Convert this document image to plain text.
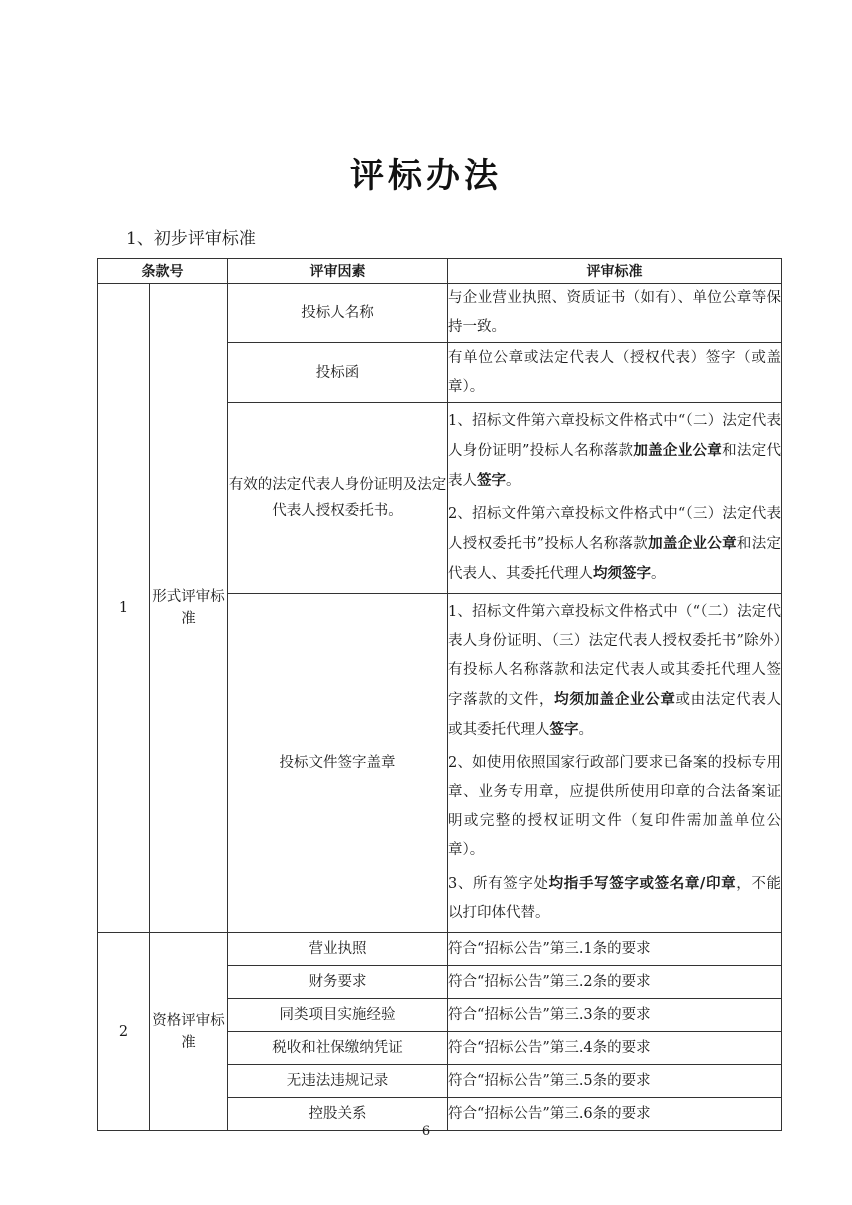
评标办法
1、初步评审标准
条款号		评审因素	评审标准
1	形式评审标准	投标人名称	与企业营业执照、资质证书（如有）、单位公章等保持一致。
		投标函	有单位公章或法定代表人（授权代表）签字（或盖章）。
		有效的法定代表人身份证明及法定代表人授权委托书。	1、招标文件第六章投标文件格式中“（二）法定代表人身份证明”投标人名称落款加盖企业公章和法定代表人签字。

2、招标文件第六章投标文件格式中“（三）法定代表人授权委托书”投标人名称落款加盖企业公章和法定代表人、其委托代理人均须签字。

		投标文件签字盖章	1、招标文件第六章投标文件格式中（“（二）法定代表人身份证明、（三）法定代表人授权委托书”除外）有投标人名称落款和法定代表人或其委托代理人签字落款的文件，均须加盖企业公章或由法定代表人或其委托代理人签字。

2、如使用依照国家行政部门要求已备案的投标专用章、业务专用章，应提供所使用印章的合法备案证明或完整的授权证明文件（复印件需加盖单位公章）。

3、所有签字处均指手写签字或签名章/印章，不能以打印体代替。

2	资格评审标准	营业执照	符合“招标公告”第三.1条的要求
		财务要求	符合“招标公告”第三.2条的要求
		同类项目实施经验	符合“招标公告”第三.3条的要求
		税收和社保缴纳凭证	符合“招标公告”第三.4条的要求
		无违法违规记录	符合“招标公告”第三.5条的要求
		控股关系	符合“招标公告”第三.6条的要求
6
